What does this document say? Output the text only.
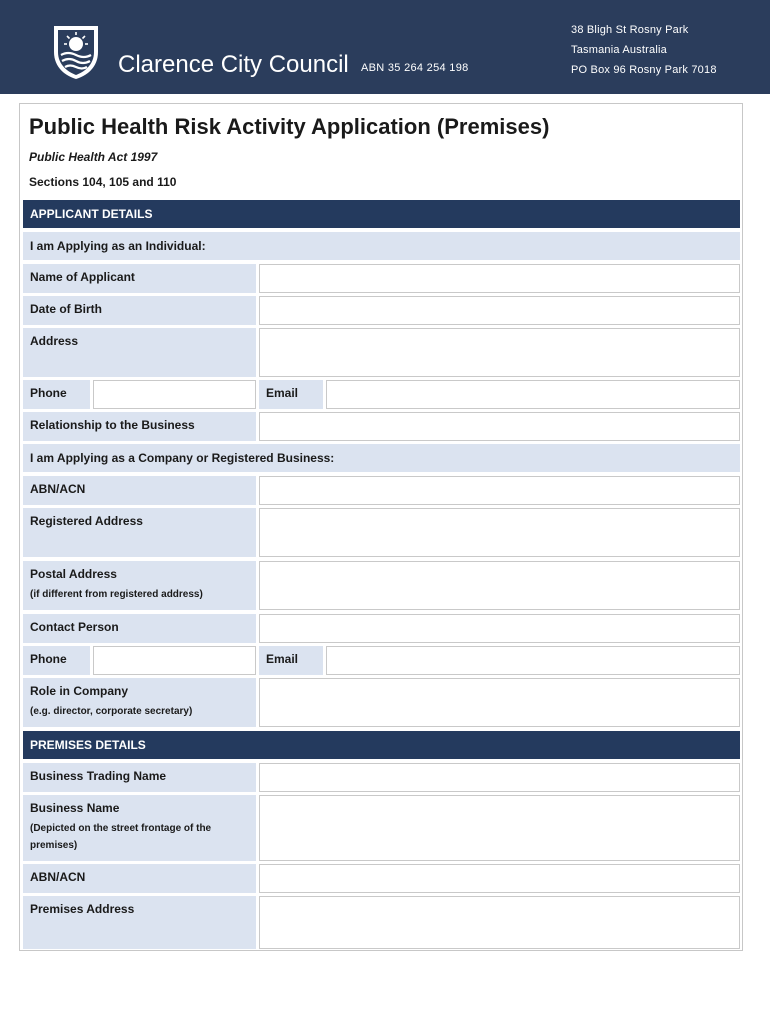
Clarence City Council ABN 35 264 254 198
38 Bligh St Rosny Park
Tasmania Australia
PO Box 96 Rosny Park 7018
Public Health Risk Activity Application (Premises)
Public Health Act 1997
Sections 104, 105 and 110
APPLICANT DETAILS
I am Applying as an Individual:
Name of Applicant
Date of Birth
Address
Phone	Email
Relationship to the Business
I am Applying as a Company or Registered Business:
ABN/ACN
Registered Address
Postal Address
(if different from registered address)
Contact Person
Phone	Email
Role in Company
(e.g. director, corporate secretary)
PREMISES DETAILS
Business Trading Name
Business Name
(Depicted on the street frontage of the premises)
ABN/ACN
Premises Address
